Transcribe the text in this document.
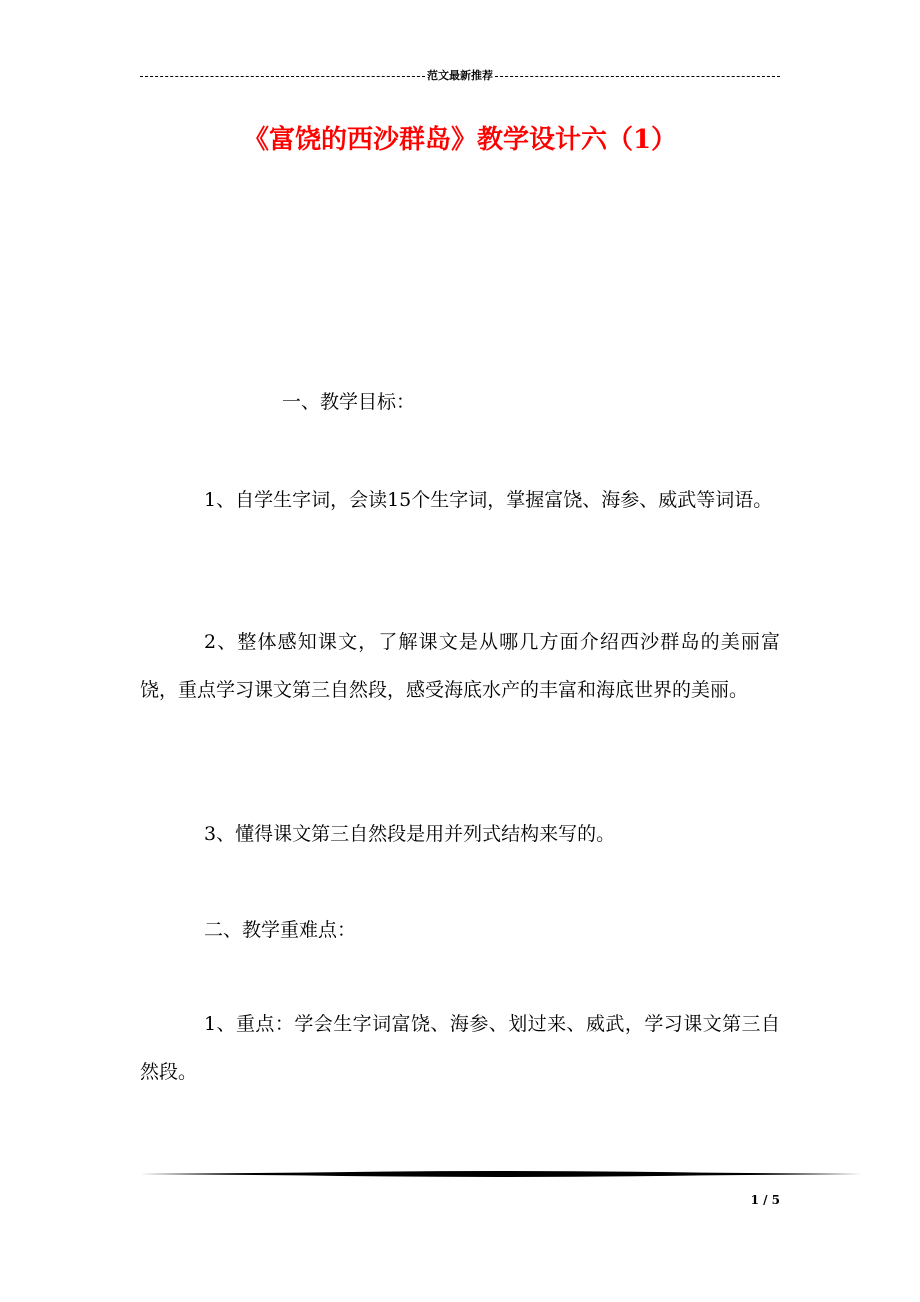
范文最新推荐
《富饶的西沙群岛》教学设计六（1）

一、教学目标：

1、自学生字词，会读15个生字词，掌握富饶、海参、威武等词语。

2、整体感知课文，了解课文是从哪几方面介绍西沙群岛的美丽富饶，重点学习课文第三自然段，感受海底水产的丰富和海底世界的美丽。

3、懂得课文第三自然段是用并列式结构来写的。

二、教学重难点：

1、重点：学会生字词富饶、海参、划过来、威武，学习课文第三自然段。

1 / 5
